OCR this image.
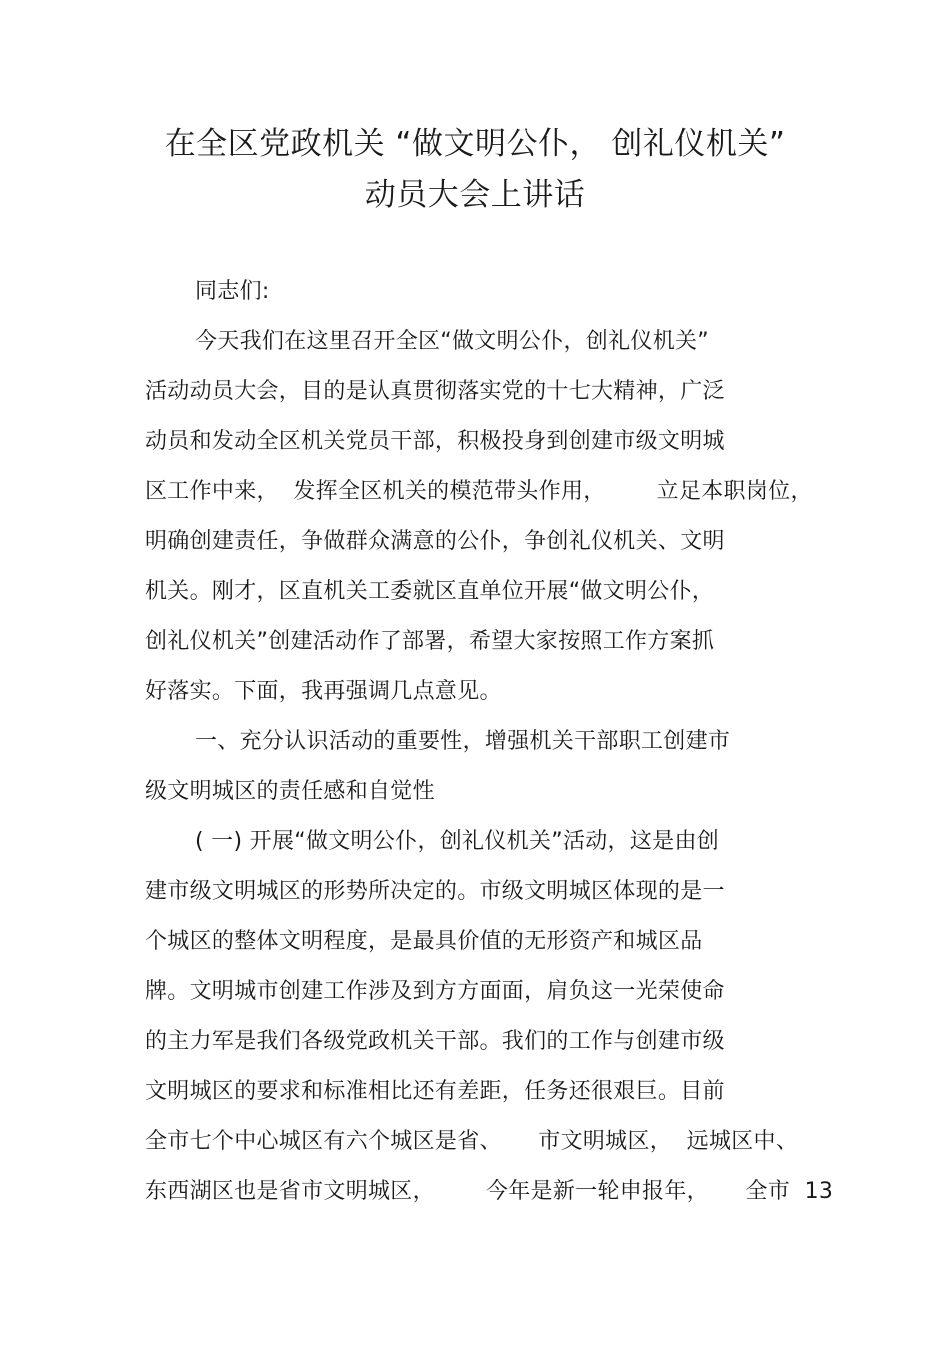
在全区党政机关 “做文明公仆， 创礼仪机关”
动员大会上讲话
同志们:
今天我们在这里召开全区“做文明公仆，创礼仪机关”
活动动员大会，目的是认真贯彻落实党的十七大精神，广泛
动员和发动全区机关党员干部，积极投身到创建市级文明城
区工作中来，  发挥全区机关的模范带头作用，       立足本职岗位，
明确创建责任，争做群众满意的公仆，争创礼仪机关、文明
机关。刚才，区直机关工委就区直单位开展“做文明公仆，
创礼仪机关”创建活动作了部署，希望大家按照工作方案抓
好落实。下面，我再强调几点意见。
一、充分认识活动的重要性，增强机关干部职工创建市
级文明城区的责任感和自觉性
( 一) 开展“做文明公仆，创礼仪机关”活动，这是由创
建市级文明城区的形势所决定的。市级文明城区体现的是一
个城区的整体文明程度，是最具价值的无形资产和城区品
牌。文明城市创建工作涉及到方方面面，肩负这一光荣使命
的主力军是我们各级党政机关干部。我们的工作与创建市级
文明城区的要求和标准相比还有差距，任务还很艰巨。目前
全市七个中心城区有六个城区是省、     市文明城区，  远城区中、
东西湖区也是省市文明城区，       今年是新一轮申报年，     全市  13
